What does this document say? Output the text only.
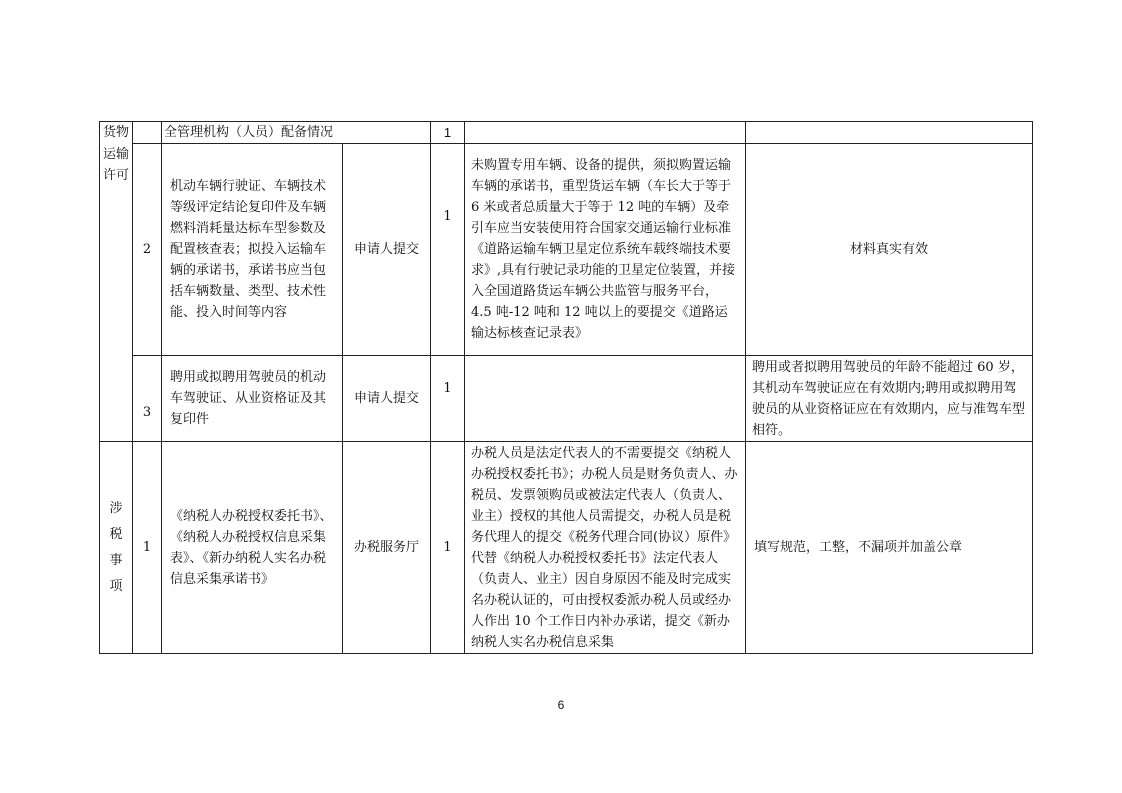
货物		全管理机构（人员）配备情况		1		

运输许可	2	机动车辆行驶证、车辆技术等级评定结论复印件及车辆燃料消耗量达标车型参数及配置核查表；拟投入运输车辆的承诺书，承诺书应当包括车辆数量、类型、技术性能、投入时间等内容	申请人提交	1	未购置专用车辆、设备的提供，须拟购置运输车辆的承诺书，重型货运车辆（车长大于等于 6 米或者总质量大于等于 12 吨的车辆）及牵引车应当安装使用符合国家交通运输行业标准《道路运输车辆卫星定位系统车载终端技术要求》,具有行驶记录功能的卫星定位装置，并接入全国道路货运车辆公共监管与服务平台，
4.5 吨-12 吨和 12 吨以上的要提交《道路运输达标核查记录表》	材料真实有效
	3	聘用或拟聘用驾驶员的机动车驾驶证、从业资格证及其复印件	申请人提交	1		聘用或者拟聘用驾驶员的年龄不能超过 60 岁，其机动车驾驶证应在有效期内;聘用或拟聘用驾驶员的从业资格证应在有效期内，应与准驾车型相符。

涉税事项	1	《纳税人办税授权委托书》、《纳税人办税授权信息采集表》、《新办纳税人实名办税信息采集承诺书》	办税服务厅	1	办税人员是法定代表人的不需要提交《纳税人办税授权委托书》；办税人员是财务负责人、办税员、发票领购员或被法定代表人（负责人、业主）授权的其他人员需提交，办税人员是税务代理人的提交《税务代理合同(协议）原件》代替《纳税人办税授权委托书》法定代表人（负责人、业主）因自身原因不能及时完成实名办税认证的，可由授权委派办税人员或经办人作出 10 个工作日内补办承诺，提交《新办纳税人实名办税信息采集	填写规范，工整，不漏项并加盖公章
6
